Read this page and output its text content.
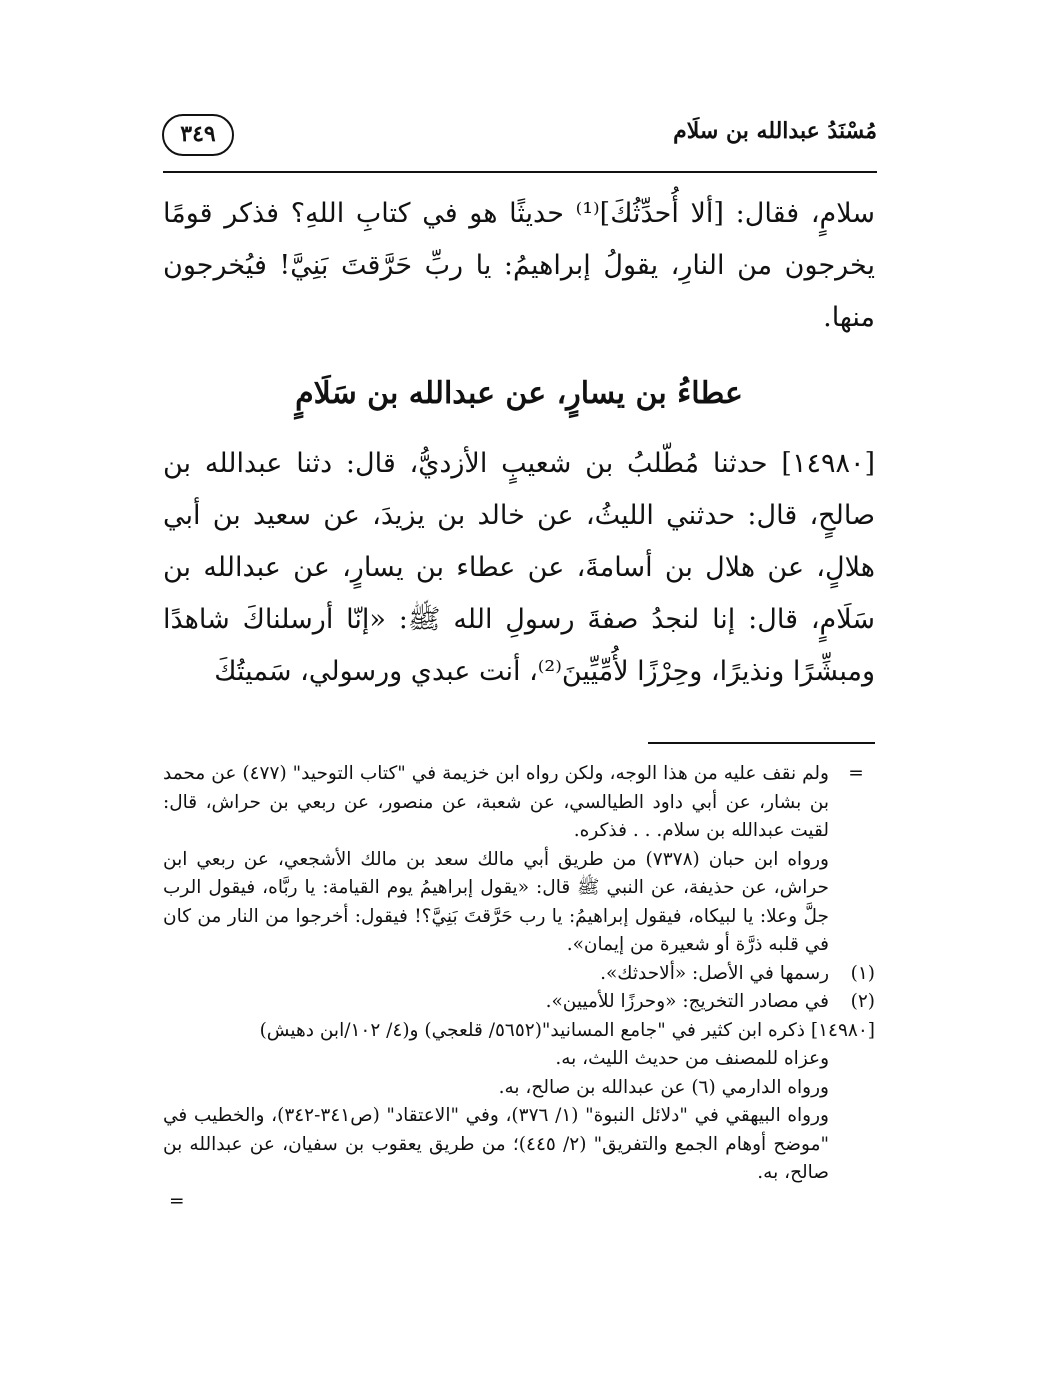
مُسْنَدُ عبدالله بن سلَام
٣٤٩

سلامٍ، فقال: [ألا أُحدِّثُكَ]⁽¹⁾ حديثًا هو في كتابِ اللهِ؟ فذكر قومًا يخرجون من النارِ، يقولُ إبراهيمُ: يا ربِّ حَرَّقتَ بَنِيَّ! فيُخرجون منها.

عطاءُ بن يسارٍ، عن عبدالله بن سَلَامٍ

[١٤٩٨٠] حدثنا مُطّلبُ بن شعيبٍ الأزديُّ، قال: دثنا عبدالله بن صالحٍ، قال: حدثني الليثُ، عن خالد بن يزيدَ، عن سعيد بن أبي هلالٍ، عن هلال بن أسامةَ، عن عطاء بن يسارٍ، عن عبدالله بن سَلَامٍ، قال: إنا لنجدُ صفةَ رسولِ الله ﷺ: «إنّا أرسلناكَ شاهدًا ومبشِّرًا ونذيرًا، وحِرْزًا لأُمِّيِّينَ⁽²⁾، أنت عبدي ورسولي، سَميتُكَ

=

ولم نقف عليه من هذا الوجه، ولكن رواه ابن خزيمة في "كتاب التوحيد" (٤٧٧) عن محمد بن بشار، عن أبي داود الطيالسي، عن شعبة، عن منصور، عن ربعي بن حراش، قال: لقيت عبدالله بن سلام. . . فذكره.

ورواه ابن حبان (٧٣٧٨) من طريق أبي مالك سعد بن مالك الأشجعي، عن ربعي ابن حراش، عن حذيفة، عن النبي ﷺ قال: «يقول إبراهيمُ يوم القيامة: يا ربَّاه، فيقول الرب جلَّ وعلا: يا لبيكاه، فيقول إبراهيمُ: يا رب حَرَّقتَ بَنِيَّ؟! فيقول: أخرجوا من النار من كان في قلبه ذرَّة أو شعيرة من إيمان».

(١)
رسمها في الأصل: «ألاحدثك».
(٢)
في مصادر التخريج: «وحرزًا للأميين».

[١٤٩٨٠] ذكره ابن كثير في "جامع المسانيد"(٥٦٥٢/ قلعجي) و(٤/ ١٠٢/ابن دهيش)

وعزاه للمصنف من حديث الليث، به.

ورواه الدارمي (٦) عن عبدالله بن صالح، به.

ورواه البيهقي في "دلائل النبوة" (١/ ٣٧٦)، وفي "الاعتقاد" (ص٣٤١-٣٤٢)، والخطيب في "موضح أوهام الجمع والتفريق" (٢/ ٤٤٥)؛ من طريق يعقوب بن سفيان، عن عبدالله بن صالح، به.

=
